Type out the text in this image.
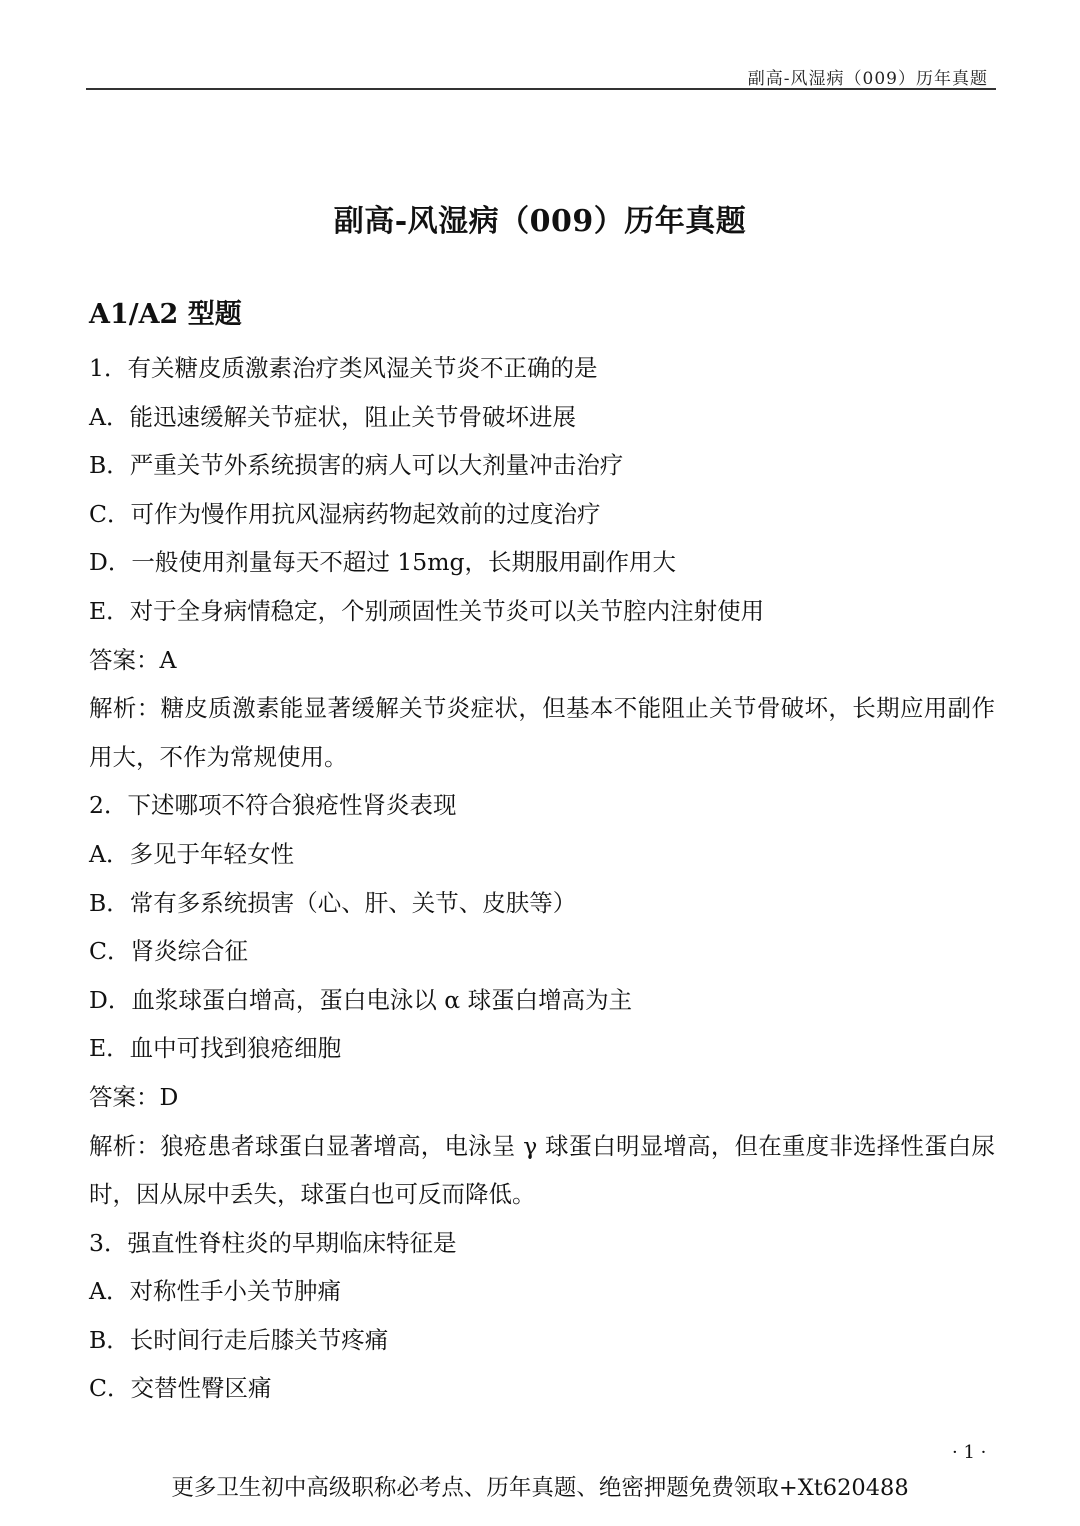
副高-风湿病（009）历年真题
副高-风湿病（009）历年真题
A1/A2 型题
1．有关糖皮质激素治疗类风湿关节炎不正确的是
A．能迅速缓解关节症状，阻止关节骨破坏进展
B．严重关节外系统损害的病人可以大剂量冲击治疗
C．可作为慢作用抗风湿病药物起效前的过度治疗
D．一般使用剂量每天不超过 15mg，长期服用副作用大
E．对于全身病情稳定，个别顽固性关节炎可以关节腔内注射使用
答案：A
解析：糖皮质激素能显著缓解关节炎症状，但基本不能阻止关节骨破坏，长期应用副作用大，不作为常规使用。
2．下述哪项不符合狼疮性肾炎表现
A．多见于年轻女性
B．常有多系统损害（心、肝、关节、皮肤等）
C．肾炎综合征
D．血浆球蛋白增高，蛋白电泳以 α 球蛋白增高为主
E．血中可找到狼疮细胞
答案：D
解析：狼疮患者球蛋白显著增高，电泳呈 γ 球蛋白明显增高，但在重度非选择性蛋白尿时，因从尿中丢失，球蛋白也可反而降低。
3．强直性脊柱炎的早期临床特征是
A．对称性手小关节肿痛
B．长时间行走后膝关节疼痛
C．交替性臀区痛
· 1 ·
更多卫生初中高级职称必考点、历年真题、绝密押题免费领取+Xt620488
